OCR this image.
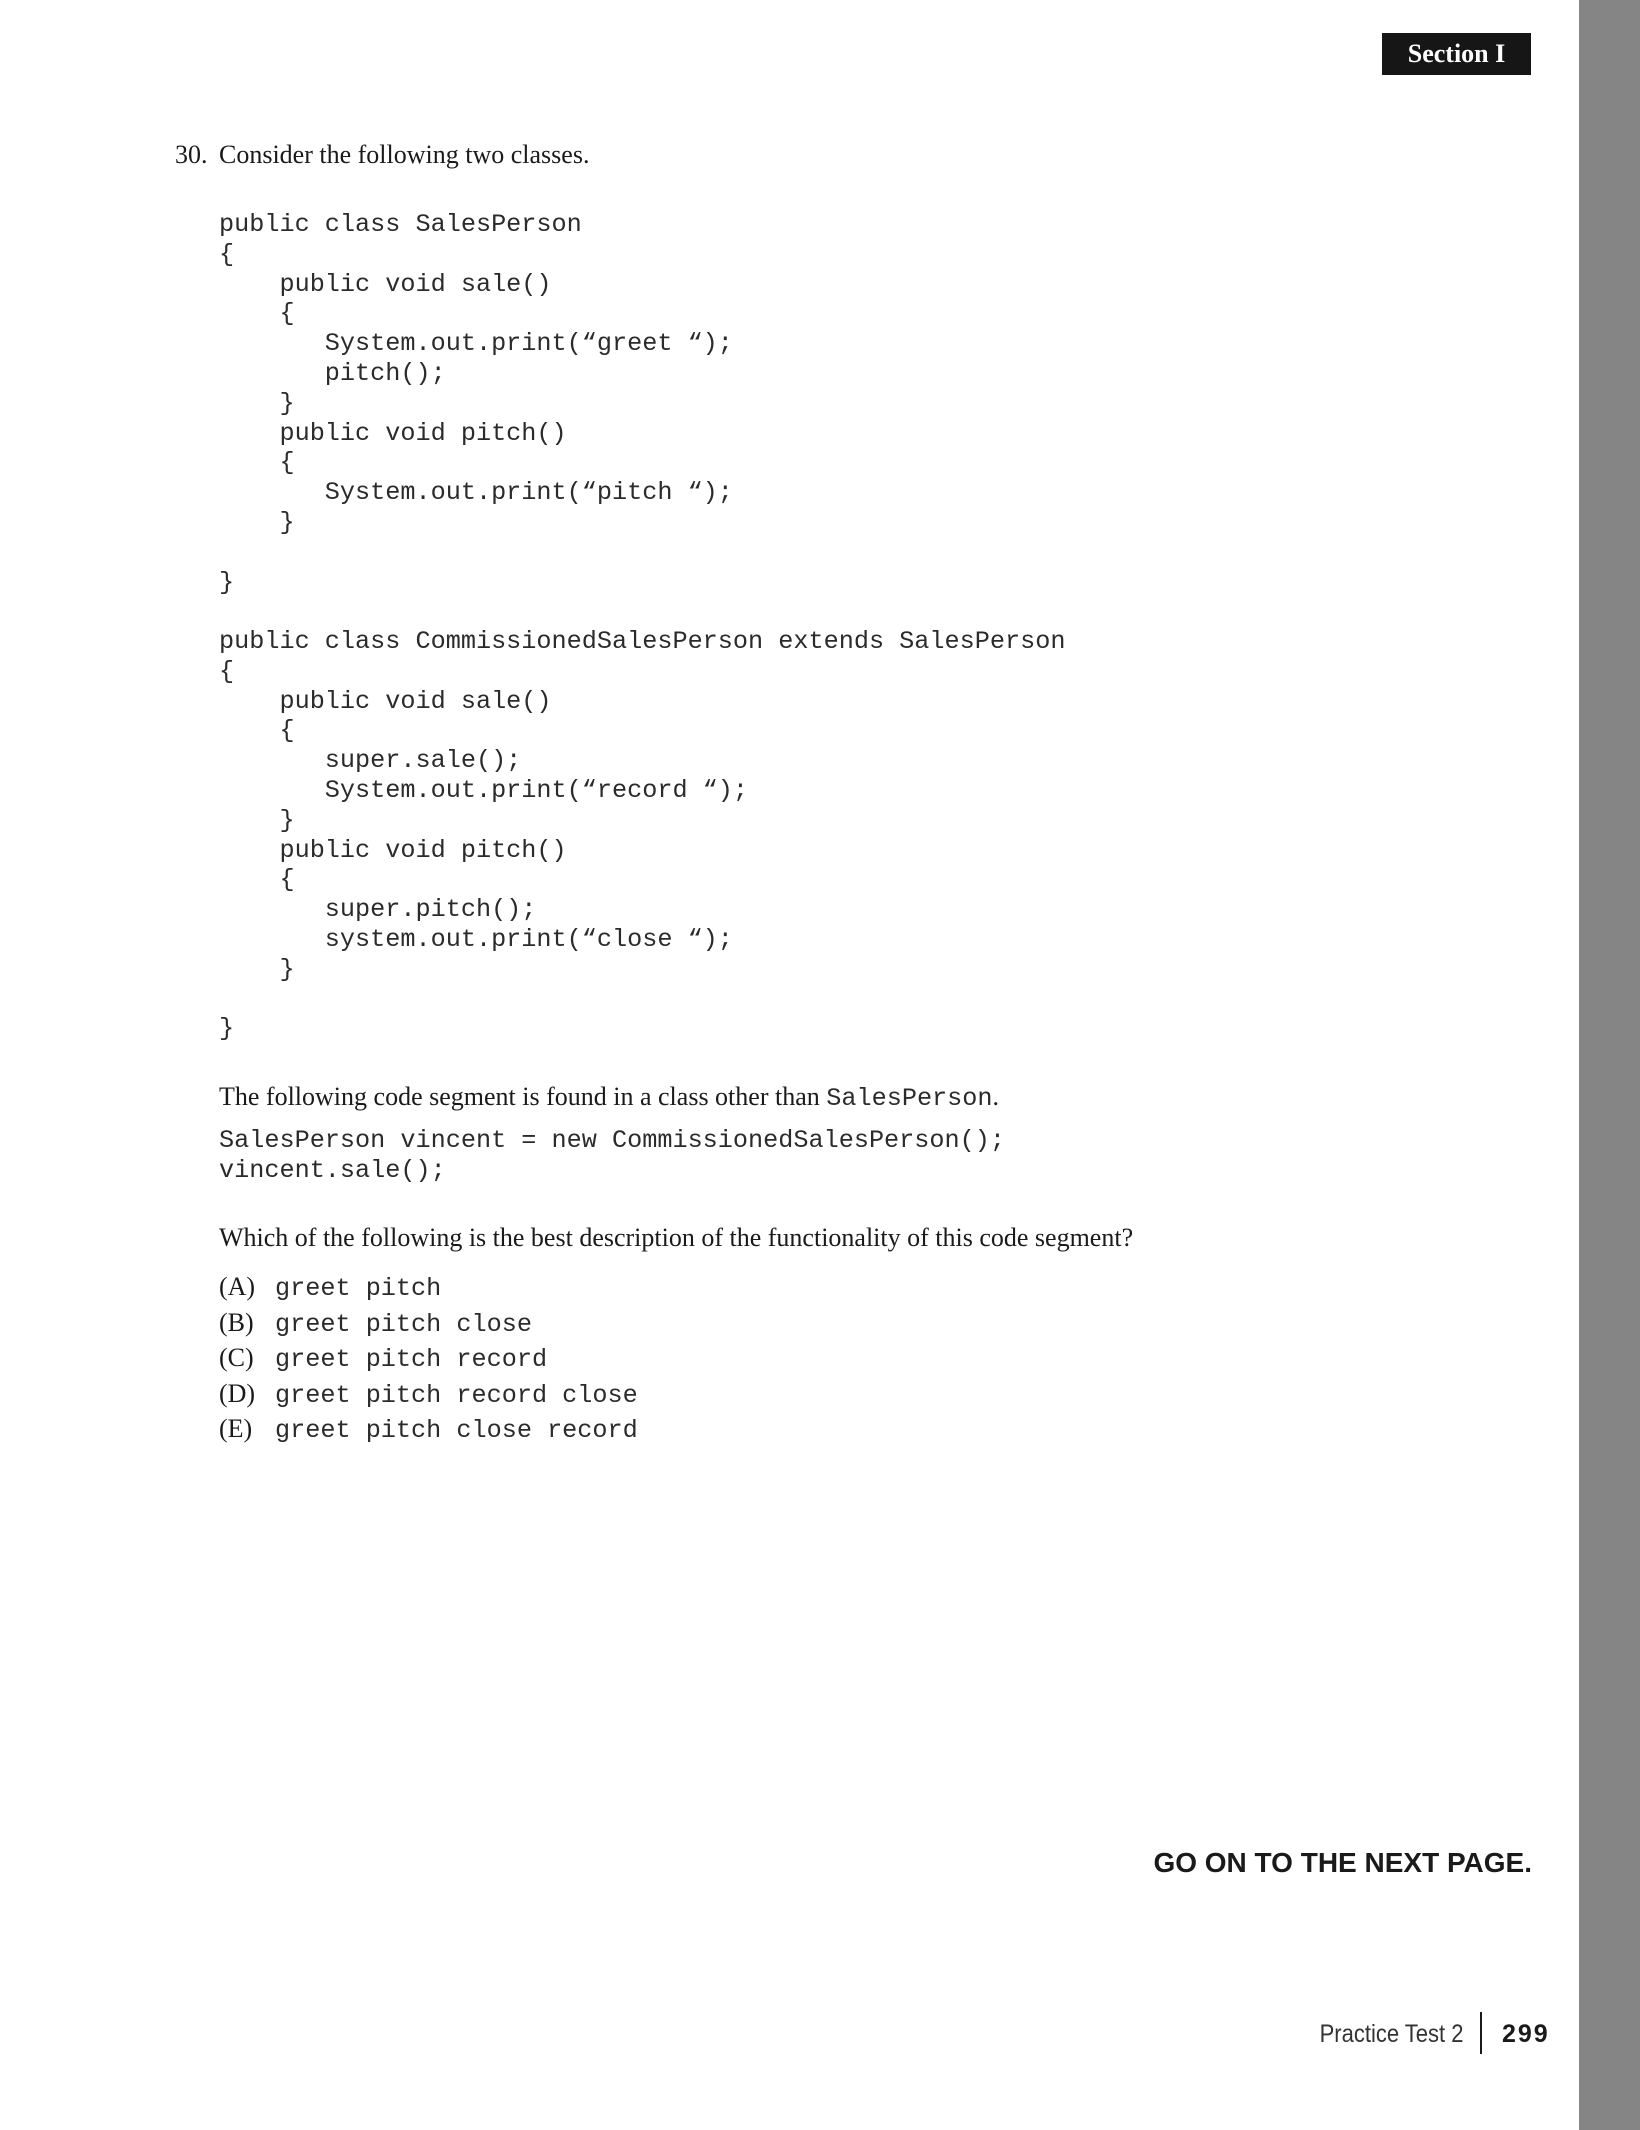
Section I
30. Consider the following two classes.
public class SalesPerson
{
public void sale()
{
System.out.print(“greet “);
pitch();
}
public void pitch()
{
System.out.print(“pitch “);
}

}
public class CommissionedSalesPerson extends SalesPerson
{
public void sale()
{
super.sale();
System.out.print(“record “);
}
public void pitch()
{
super.pitch();
system.out.print(“close “);
}

}
The following code segment is found in a class other than SalesPerson.
SalesPerson vincent = new CommissionedSalesPerson();
vincent.sale();
Which of the following is the best description of the functionality of this code segment?
(A) greet pitch
(B) greet pitch close
(C) greet pitch record
(D) greet pitch record close
(E) greet pitch close record
GO ON TO THE NEXT PAGE.
Practice Test 2 299
